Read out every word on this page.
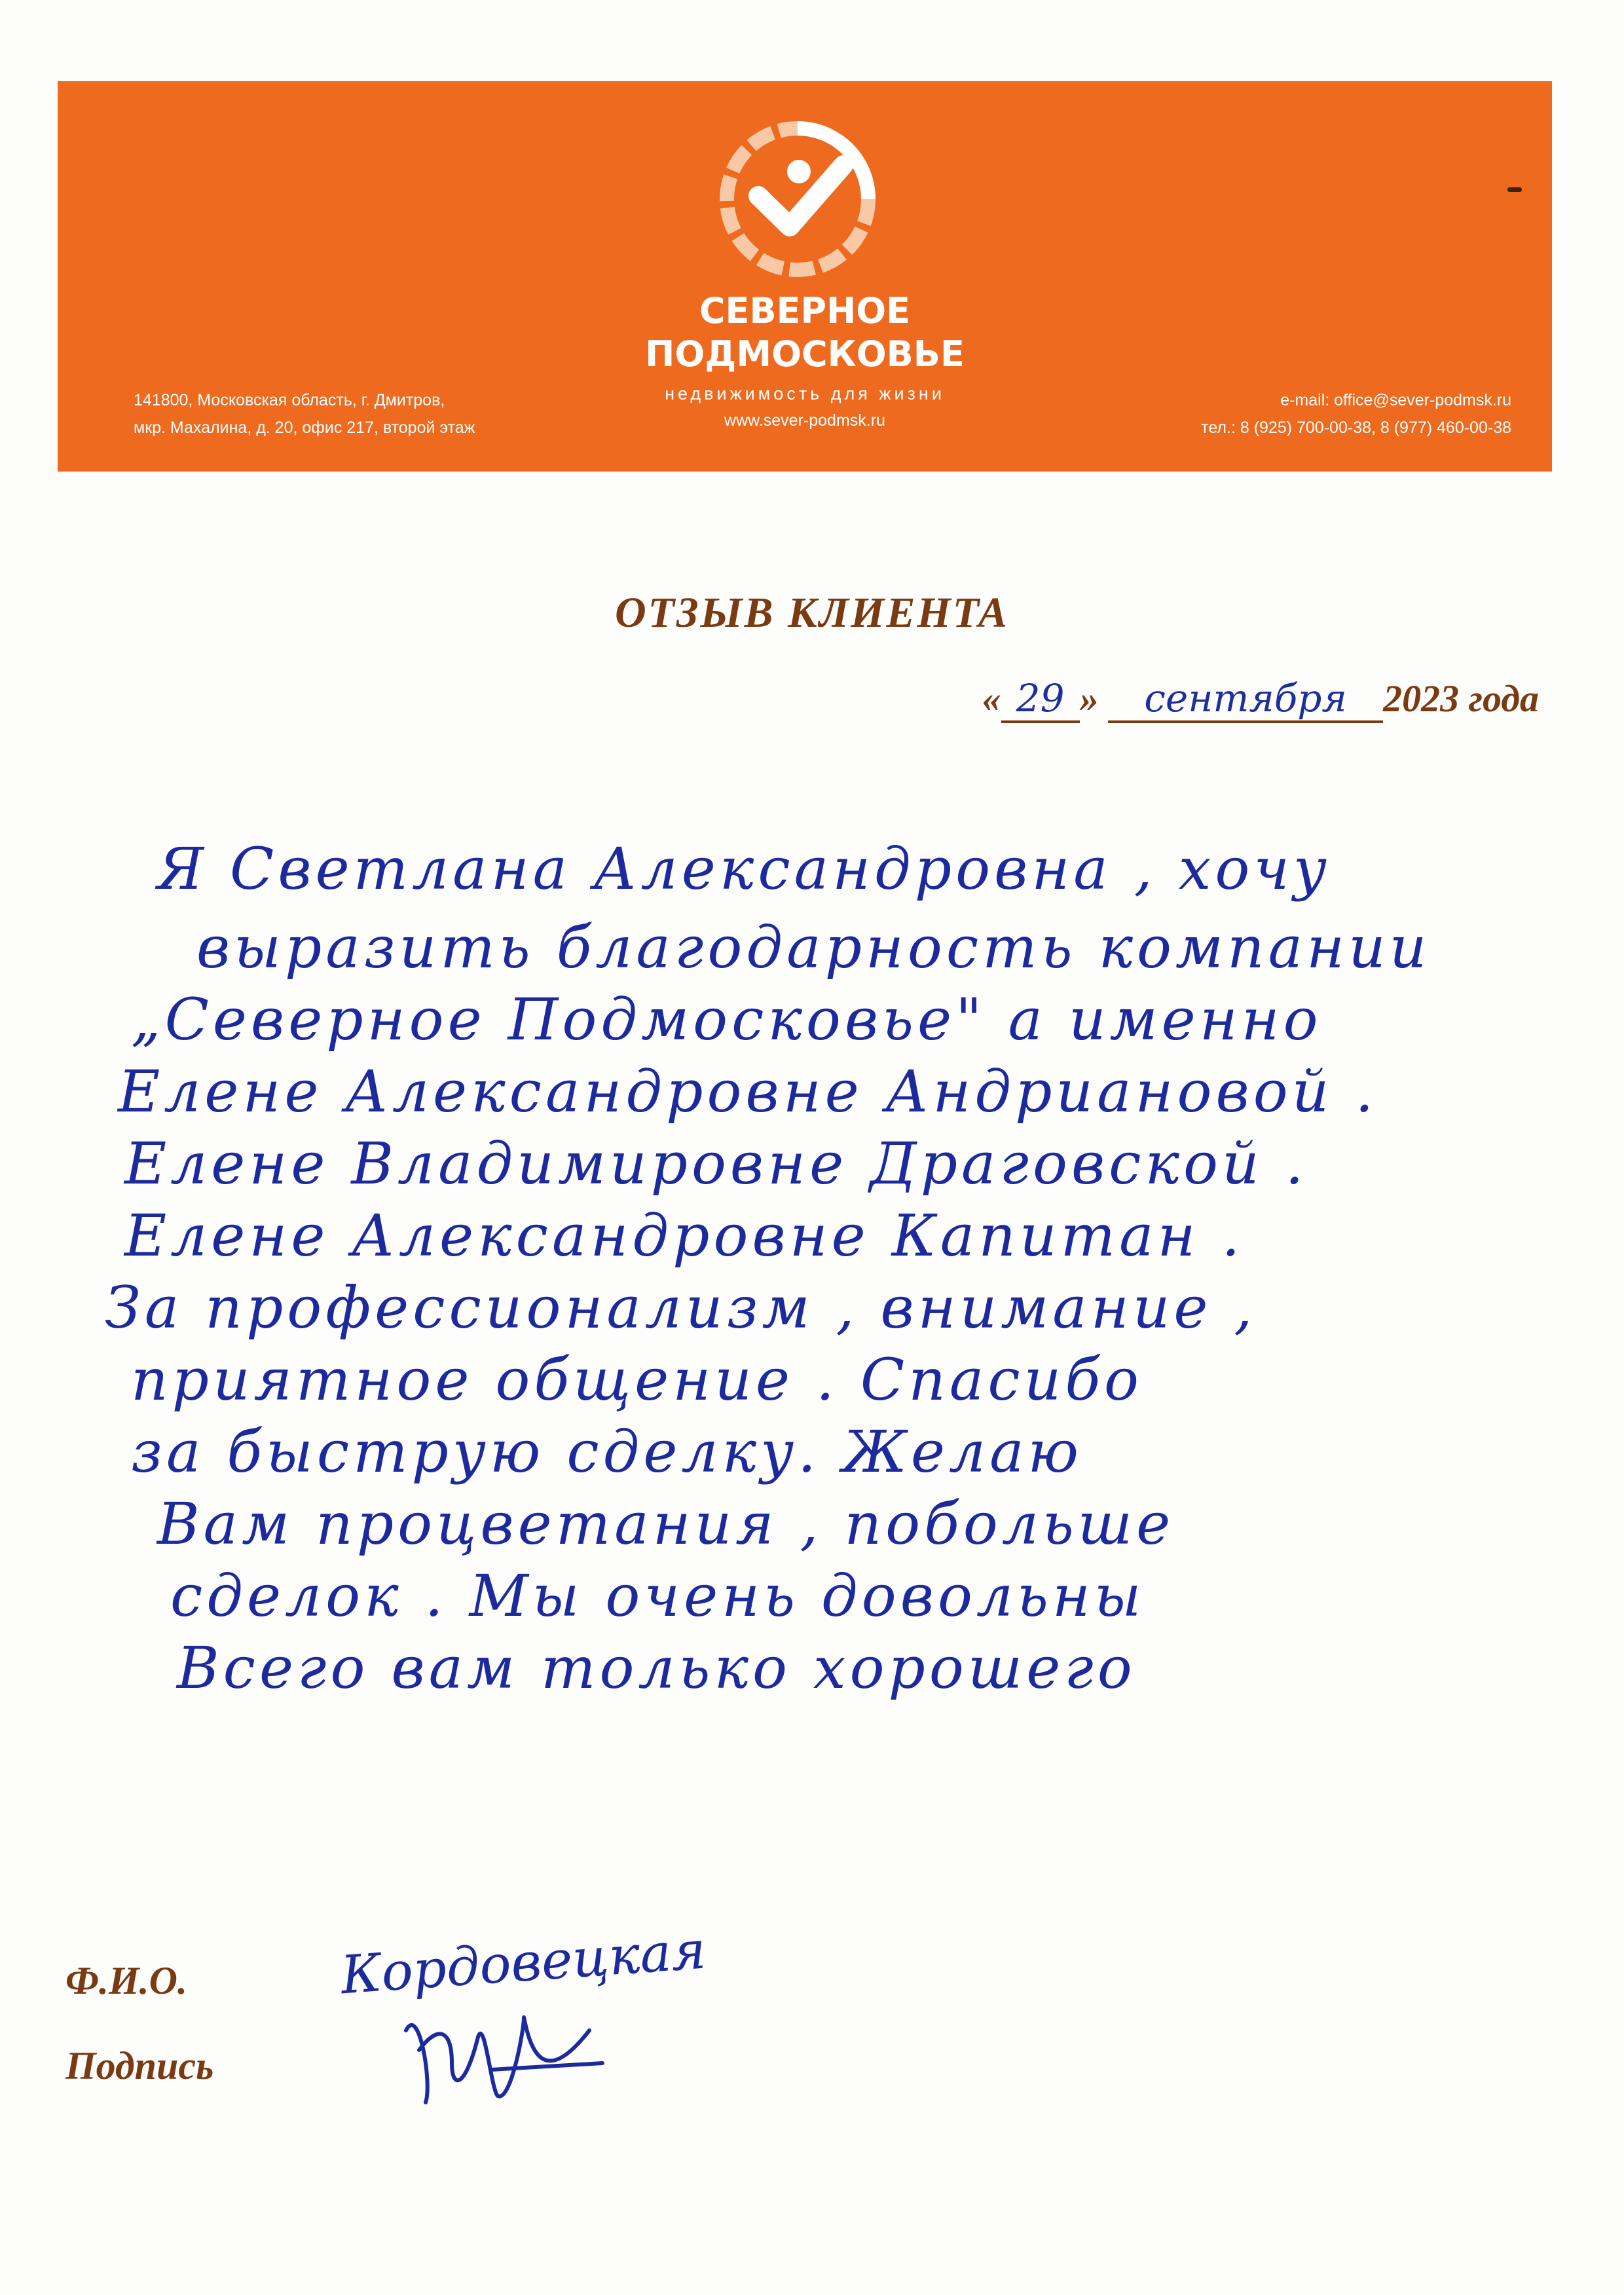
СЕВЕРНОЕ
ПОДМОСКОВЬЕ
недвижимость для жизни
www.sever-podmsk.ru
141800, Московская область, г. Дмитров,
мкр. Махалина, д. 20, офис 217, второй этаж
e-mail: office@sever-podmsk.ru
тел.: 8 (925) 700-00-38, 8 (977) 460-00-38
ОТЗЫВ КЛИЕНТА
« 29 » сентября 2023 года
Я Светлана Александровна , хочу
выразить благодарность компании
„Северное Подмосковье" а именно
Елене Александровне Андриановой .
Елене Владимировне Драговской .
Елене Александровне Капитан .
За профессионализм , внимание ,
приятное общение . Спасибо
за быструю сделку. Желаю
Вам процветания , побольше
сделок . Мы очень довольны
Всего вам только хорошего
Ф.И.О.	Кордовецкая
Подпись
